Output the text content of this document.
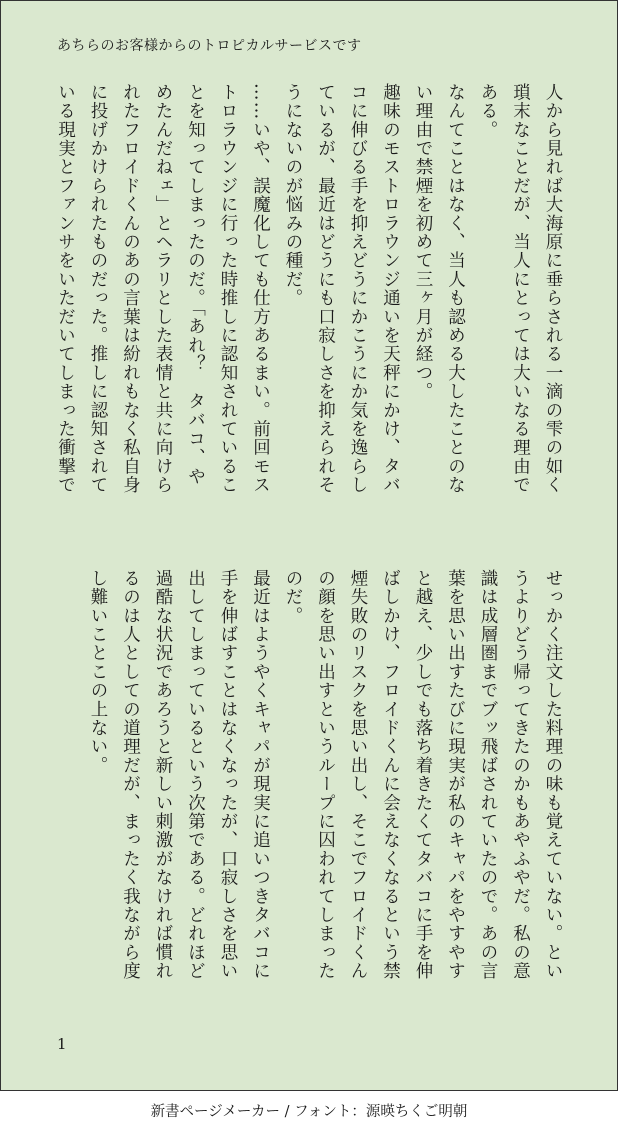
あちらのお客様からのトロピカルサービスです
人から見れば大海原に垂らされる一滴の雫の如く
瑣末なことだが、当人にとっては大いなる理由で
ある。
なんてことはなく、当人も認める大したことのな
い理由で禁煙を初めて三ヶ月が経つ。
趣味のモストロラウンジ通いを天秤にかけ、タバ
コに伸びる手を抑えどうにかこうにか気を逸らし
ているが、最近はどうにも口寂しさを抑えられそ
うにないのが悩みの種だ。
……いや、誤魔化しても仕方あるまい。前回モス
トロラウンジに行った時推しに認知されているこ
とを知ってしまったのだ。「あれ？　タバコ、や
めたんだねェ」とヘラリとした表情と共に向けら
れたフロイドくんのあの言葉は紛れもなく私自身
に投げかけられたものだった。推しに認知されて
いる現実とファンサをいただいてしまった衝撃で
せっかく注文した料理の味も覚えていない。とい
うよりどう帰ってきたのかもあやふやだ。私の意
識は成層圏までブッ飛ばされていたので。あの言
葉を思い出すたびに現実が私のキャパをやすやす
と越え、少しでも落ち着きたくてタバコに手を伸
ばしかけ、フロイドくんに会えなくなるという禁
煙失敗のリスクを思い出し、そこでフロイドくん
の顔を思い出すというループに囚われてしまった
のだ。
最近はようやくキャパが現実に追いつきタバコに
手を伸ばすことはなくなったが、口寂しさを思い
出してしまっているという次第である。どれほど
過酷な状況であろうと新しい刺激がなければ慣れ
るのは人としての道理だが、まったく我ながら度
し難いことこの上ない。
1
新書ページメーカー / フォント：源暎ちくご明朝
